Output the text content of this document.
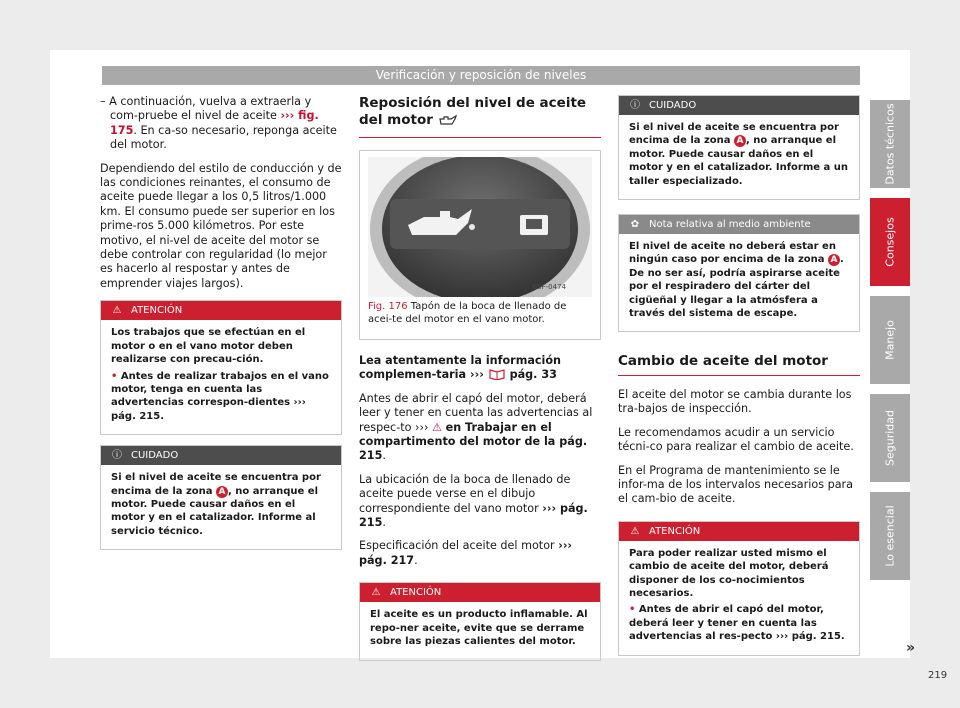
Verificación y reposición de niveles

– A continuación, vuelva a extraerla y com-pruebe el nivel de aceite ››› fig. 175. En ca-so necesario, reponga aceite del motor.

Dependiendo del estilo de conducción y de las condiciones reinantes, el consumo de aceite puede llegar a los 0,5 litros/1.000 km. El consumo puede ser superior en los prime-ros 5.000 kilómetros. Por este motivo, el ni-vel de aceite del motor se debe controlar con regularidad (lo mejor es hacerlo al respostar y antes de emprender viajes largos).

⚠ ATENCIÓN

Los trabajos que se efectúan en el motor o en el vano motor deben realizarse con precau-ción.

• Antes de realizar trabajos en el vano motor, tenga en cuenta las advertencias correspon-dientes ››› pág. 215.

ⓘ CUIDADO

Si el nivel de aceite se encuentra por encima de la zona A , no arranque el motor. Puede causar daños en el motor y en el catalizador. Informe al servicio técnico.

Reposición del nivel de aceite del motor
B5F-0474
Fig. 176 Tapón de la boca de llenado de acei-te del motor en el vano motor.

Lea atentamente la información complemen-taria ›››  pág. 33

Antes de abrir el capó del motor, deberá leer y tener en cuenta las advertencias al respec-to ››› ⚠ en Trabajar en el compartimento del motor de la pág. 215.

La ubicación de la boca de llenado de aceite puede verse en el dibujo correspondiente del vano motor ››› pág. 215.

Especificación del aceite del motor ››› pág. 217.

⚠ ATENCIÓN

El aceite es un producto inflamable. Al repo-ner aceite, evite que se derrame sobre las piezas calientes del motor.

ⓘ CUIDADO

Si el nivel de aceite se encuentra por encima de la zona A , no arranque el motor. Puede causar daños en el motor y en el catalizador. Informe a un taller especializado.

✿ Nota relativa al medio ambiente

El nivel de aceite no deberá estar en ningún caso por encima de la zona A . De no ser así, podría aspirarse aceite por el respiradero del cárter del cigüeñal y llegar a la atmósfera a través del sistema de escape.

Cambio de aceite del motor

El aceite del motor se cambia durante los tra-bajos de inspección.

Le recomendamos acudir a un servicio técni-co para realizar el cambio de aceite.

En el Programa de mantenimiento se le infor-ma de los intervalos necesarios para el cam-bio de aceite.

⚠ ATENCIÓN

Para poder realizar usted mismo el cambio de aceite del motor, deberá disponer de los co-nocimientos necesarios.

• Antes de abrir el capó del motor, deberá leer y tener en cuenta las advertencias al res-pecto ››› pág. 215.

»
219
Datos técnicos
Consejos
Manejo
Seguridad
Lo esencial
